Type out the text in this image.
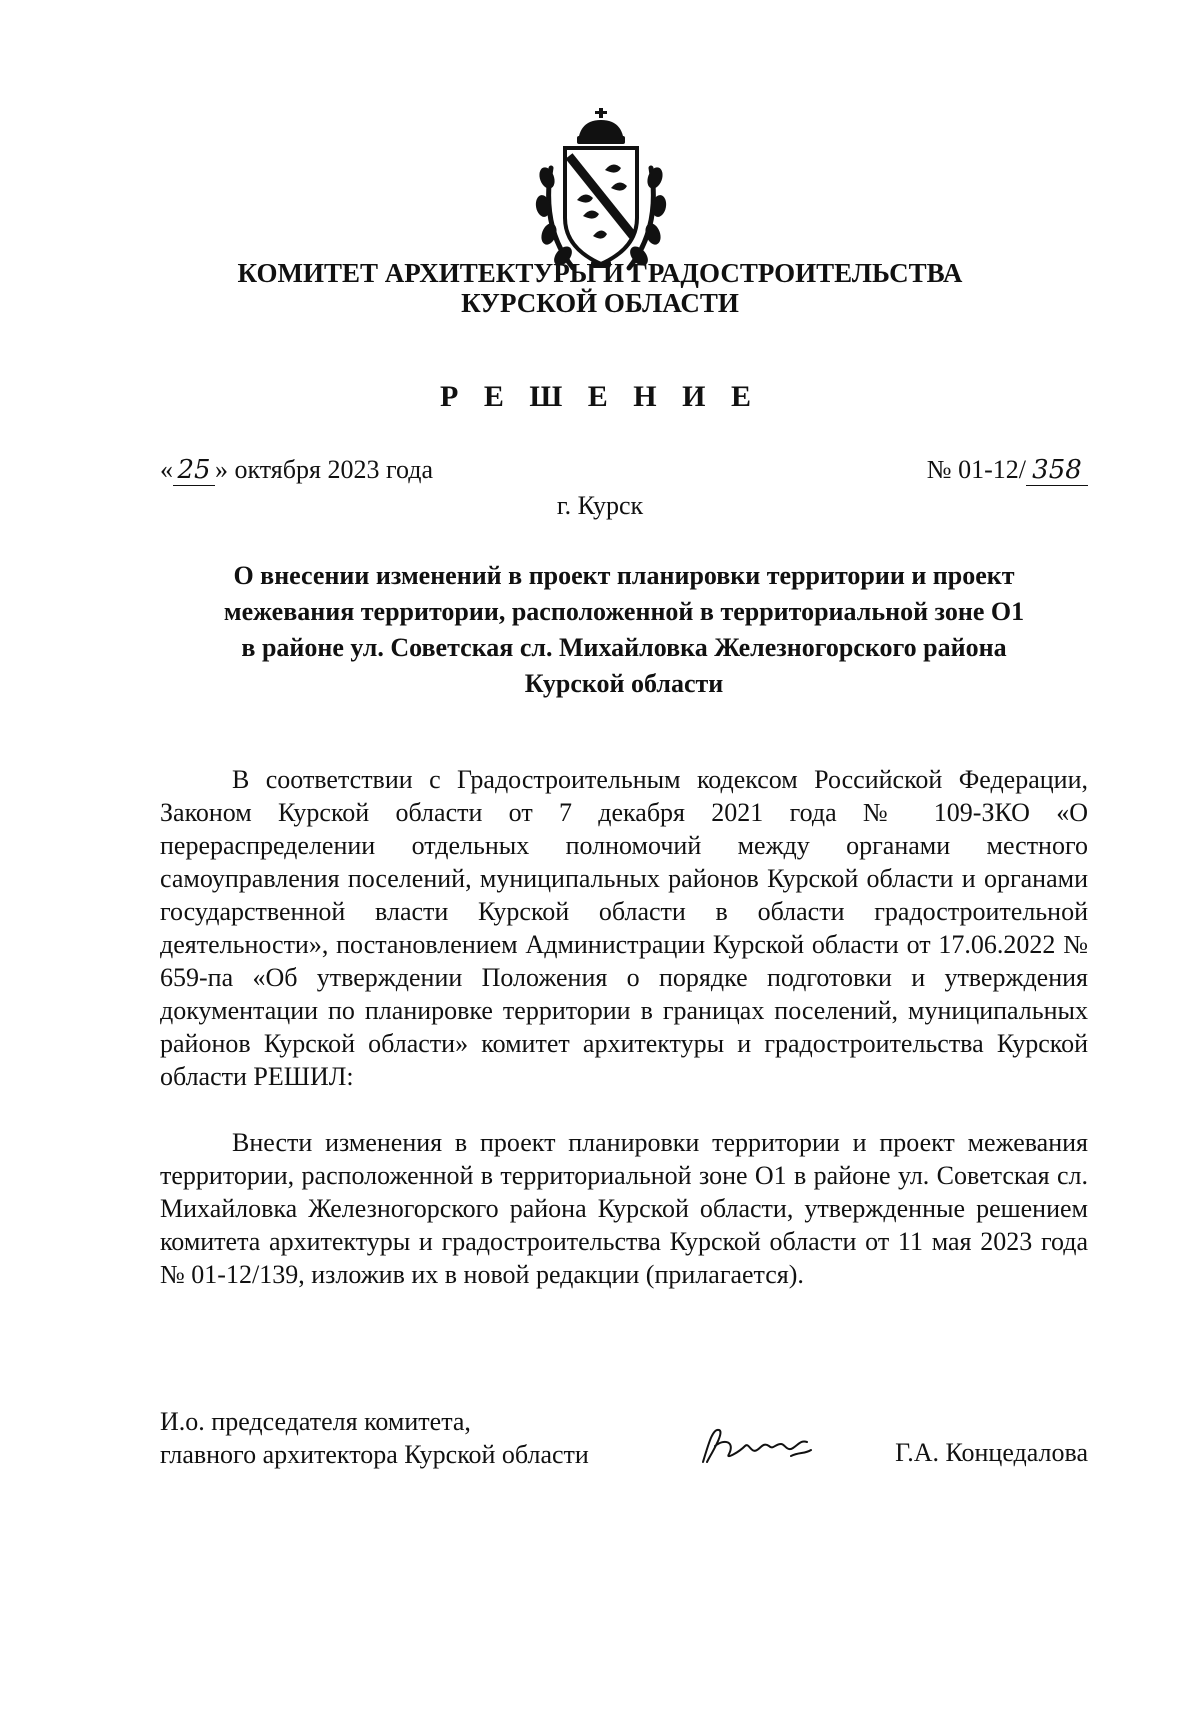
КОМИТЕТ АРХИТЕКТУРЫ И ГРАДОСТРОИТЕЛЬСТВА
КУРСКОЙ ОБЛАСТИ
Р Е Ш Е Н И Е
« 25 » октября 2023 года	№ 01-12/ 358
г. Курск
О внесении изменений в проект планировки территории и проект
межевания территории, расположенной в территориальной зоне О1
в районе ул. Советская сл. Михайловка Железногорского района
Курской области

В соответствии с Градостроительным кодексом Российской Федерации, Законом Курской области от 7 декабря 2021 года № 109-ЗКО «О перераспределении отдельных полномочий между органами местного самоуправления поселений, муниципальных районов Курской области и органами государственной власти Курской области в области градостроительной деятельности», постановлением Администрации Курской области от 17.06.2022 № 659-па «Об утверждении Положения о порядке подготовки и утверждения документации по планировке территории в границах поселений, муниципальных районов Курской области» комитет архитектуры и градостроительства Курской области РЕШИЛ:

Внести изменения в проект планировки территории и проект межевания территории, расположенной в территориальной зоне О1 в районе ул. Советская сл. Михайловка Железногорского района Курской области, утвержденные решением комитета архитектуры и градостроительства Курской области от 11 мая 2023 года № 01-12/139, изложив их в новой редакции (прилагается).

И.о. председателя комитета,
главного архитектора Курской области	Г.А. Концедалова
